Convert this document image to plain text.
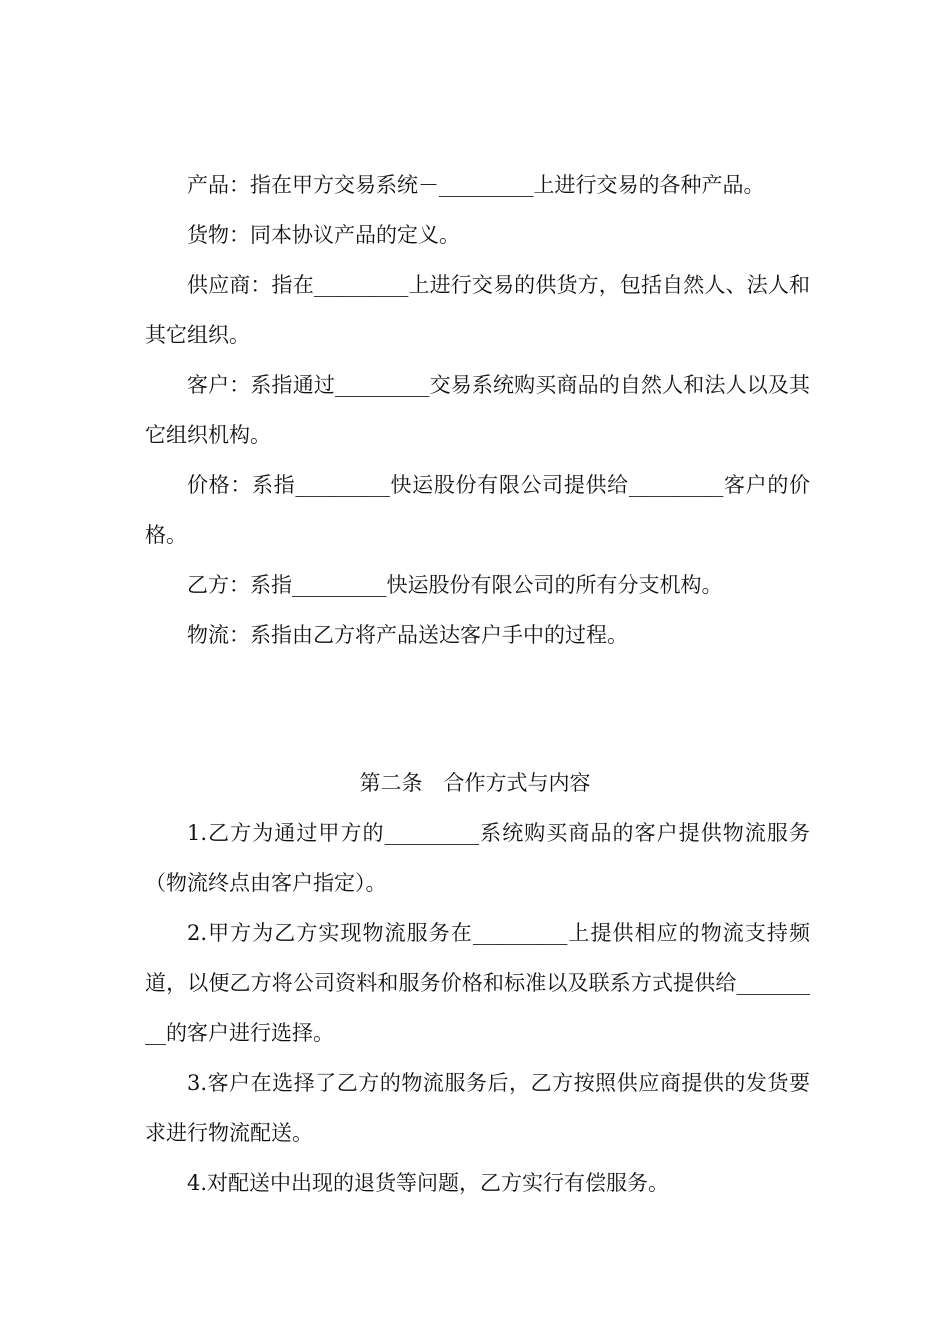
产品：指在甲方交易系统－_________上进行交易的各种产品。

货物：同本协议产品的定义。

供应商：指在_________上进行交易的供货方，包括自然人、法人和其它组织。

客户：系指通过_________交易系统购买商品的自然人和法人以及其它组织机构。

价格：系指_________快运股份有限公司提供给_________客户的价格。

乙方：系指_________快运股份有限公司的所有分支机构。

物流：系指由乙方将产品送达客户手中的过程。

第二条　合作方式与内容

1.乙方为通过甲方的_________系统购买商品的客户提供物流服务（物流终点由客户指定）。

2.甲方为乙方实现物流服务在_________上提供相应的物流支持频道，以便乙方将公司资料和服务价格和标准以及联系方式提供给_________的客户进行选择。

3.客户在选择了乙方的物流服务后，乙方按照供应商提供的发货要求进行物流配送。

4.对配送中出现的退货等问题，乙方实行有偿服务。
